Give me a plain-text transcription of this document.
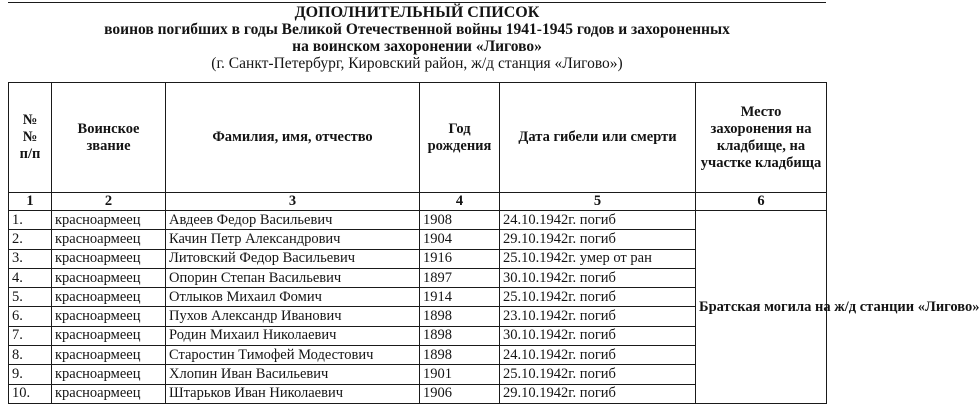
ДОПОЛНИТЕЛЬНЫЙ СПИСОК
воинов погибших в годы Великой Отечественной войны 1941-1945 годов и захороненных
на воинском захоронении «Лигово»
(г. Санкт-Петербург, Кировский район, ж/д станция «Лигово»)
№
№
п/п	Воинское звание	Фамилия, имя, отчество	Год рождения	Дата гибели или смерти	Место захоронения на кладбище, на участке кладбища
1	2	3	4	5	6
1.	красноармеец	Авдеев Федор Васильевич	1908	24.10.1942г. погиб	Братская могила на ж/д станции «Лигово»
2.	красноармеец	Качин Петр Александрович	1904	29.10.1942г. погиб	
3.	красноармеец	Литовский Федор Васильевич	1916	25.10.1942г. умер от ран	
4.	красноармеец	Опорин Степан Васильевич	1897	30.10.1942г. погиб	
5.	красноармеец	Отлыков Михаил Фомич	1914	25.10.1942г. погиб	
6.	красноармеец	Пухов Александр Иванович	1898	23.10.1942г. погиб	
7.	красноармеец	Родин Михаил Николаевич	1898	30.10.1942г. погиб	
8.	красноармеец	Старостин Тимофей Модестович	1898	24.10.1942г. погиб	
9.	красноармеец	Хлопин Иван Васильевич	1901	25.10.1942г. погиб	
10.	красноармеец	Штарьков Иван Николаевич	1906	29.10.1942г. погиб	
